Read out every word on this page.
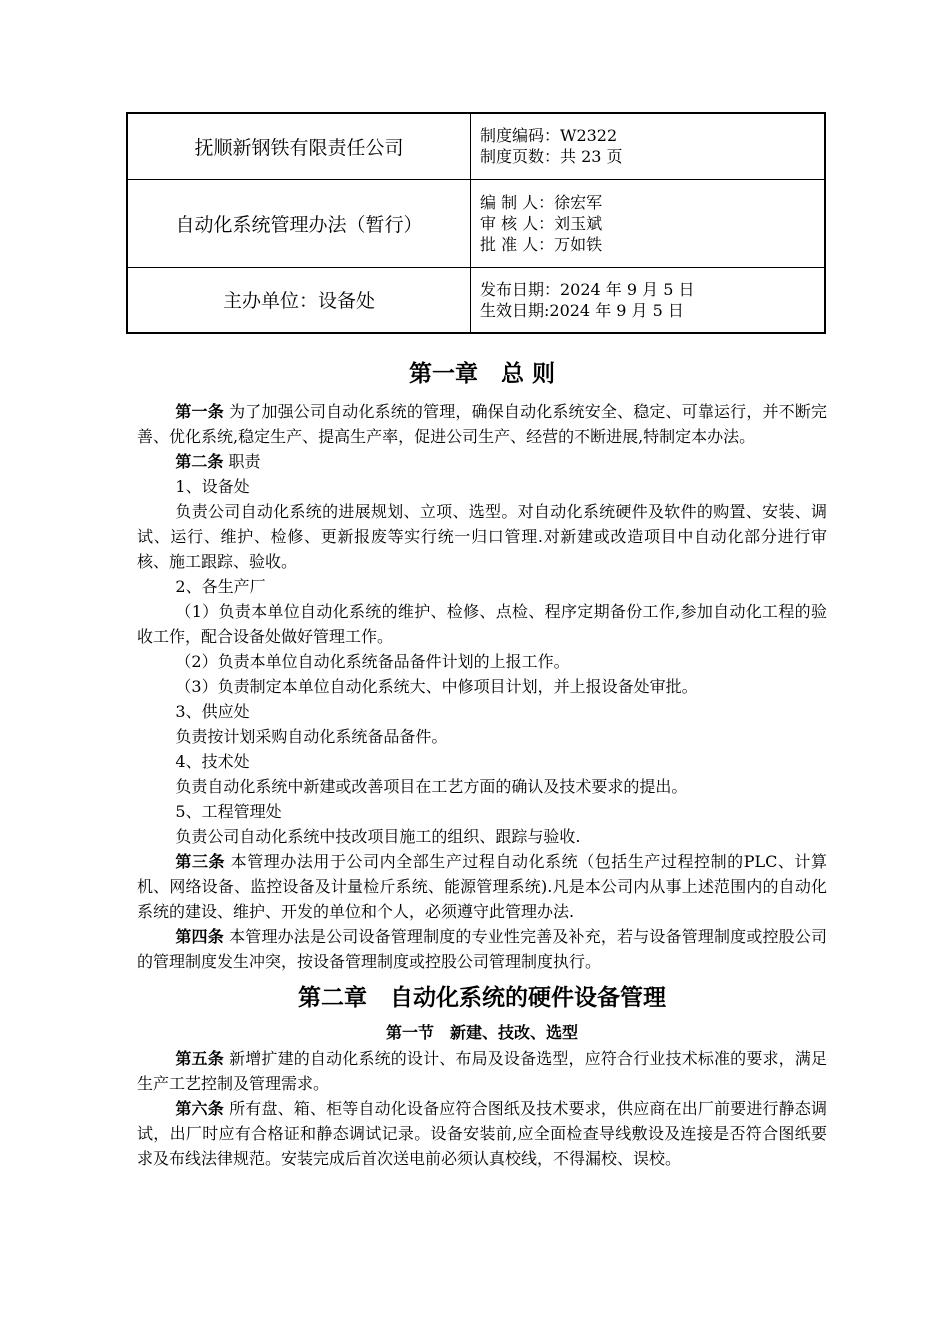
抚顺新钢铁有限责任公司	制度编码：W2322
制度页数：共 23 页

自动化系统管理办法（暂行）	编 制 人：徐宏军
审 核 人：刘玉斌
批 准 人：万如铁

主办单位：设备处	发布日期：2024 年 9 月 5 日
生效日期:2024 年 9 月 5 日
第一章　总 则

第一条 为了加强公司自动化系统的管理，确保自动化系统安全、稳定、可靠运行，并不断完善、优化系统,稳定生产、提高生产率，促进公司生产、经营的不断进展,特制定本办法。

第二条 职责

1、设备处

负责公司自动化系统的进展规划、立项、选型。对自动化系统硬件及软件的购置、安装、调试、运行、维护、检修、更新报废等实行统一归口管理.对新建或改造项目中自动化部分进行审核、施工跟踪、验收。

2、各生产厂

（1）负责本单位自动化系统的维护、检修、点检、程序定期备份工作,参加自动化工程的验收工作，配合设备处做好管理工作。

（2）负责本单位自动化系统备品备件计划的上报工作。

（3）负责制定本单位自动化系统大、中修项目计划，并上报设备处审批。

3、供应处

负责按计划采购自动化系统备品备件。

4、技术处

负责自动化系统中新建或改善项目在工艺方面的确认及技术要求的提出。

5、工程管理处

负责公司自动化系统中技改项目施工的组织、跟踪与验收.

第三条 本管理办法用于公司内全部生产过程自动化系统（包括生产过程控制的PLC、计算机、网络设备、监控设备及计量检斤系统、能源管理系统).凡是本公司内从事上述范围内的自动化系统的建设、维护、开发的单位和个人，必须遵守此管理办法.

第四条 本管理办法是公司设备管理制度的专业性完善及补充，若与设备管理制度或控股公司的管理制度发生冲突，按设备管理制度或控股公司管理制度执行。

第二章　自动化系统的硬件设备管理
第一节　新建、技改、选型

第五条 新增扩建的自动化系统的设计、布局及设备选型，应符合行业技术标准的要求，满足生产工艺控制及管理需求。

第六条 所有盘、箱、柜等自动化设备应符合图纸及技术要求，供应商在出厂前要进行静态调试，出厂时应有合格证和静态调试记录。设备安装前,应全面检查导线敷设及连接是否符合图纸要求及布线法律规范。安装完成后首次送电前必须认真校线，不得漏校、误校。
